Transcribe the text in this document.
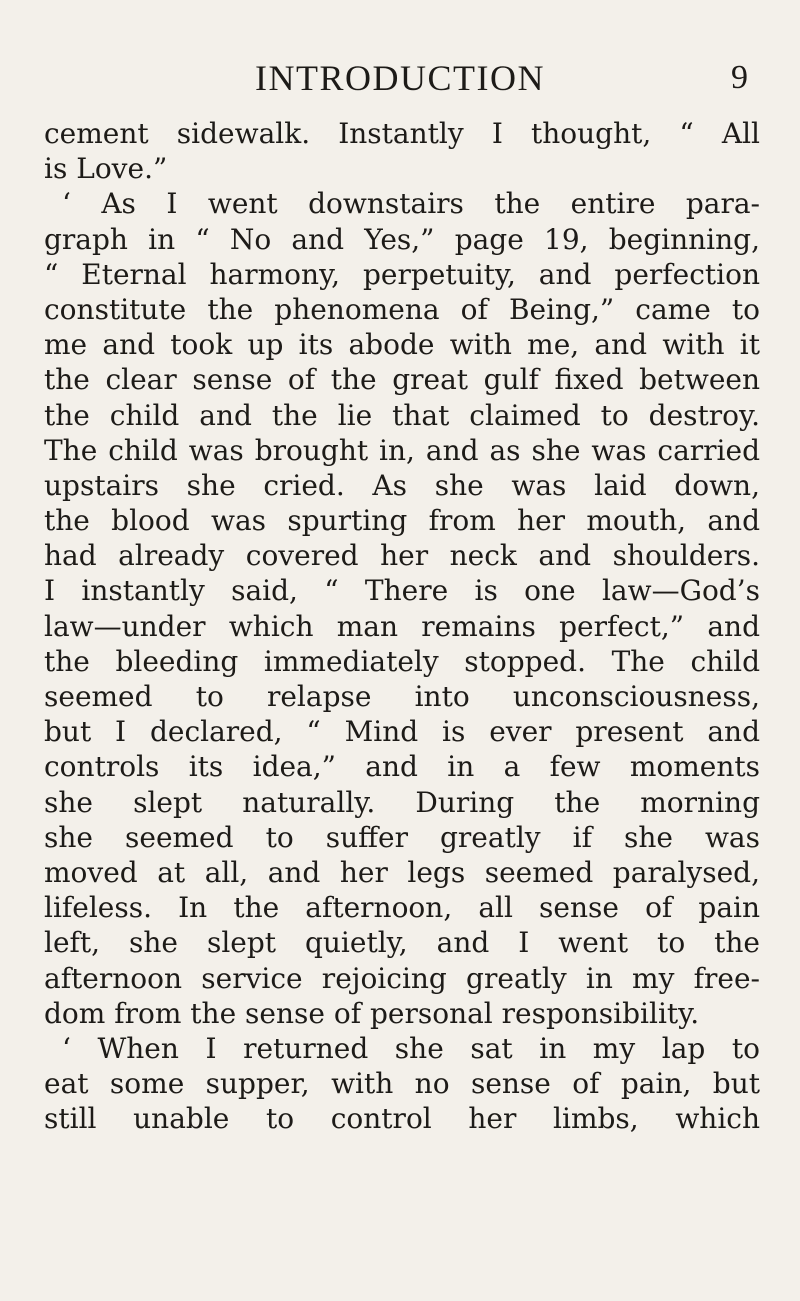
INTRODUCTION	9
cement sidewalk. Instantly I thought, “ All
is Love.”
‘ As I went downstairs the entire para-
graph in “ No and Yes,” page 19, beginning,
“ Eternal harmony, perpetuity, and perfection
constitute the phenomena of Being,” came to
me and took up its abode with me, and with it
the clear sense of the great gulf fixed between
the child and the lie that claimed to destroy.
The child was brought in, and as she was carried
upstairs she cried. As she was laid down,
the blood was spurting from her mouth, and
had already covered her neck and shoulders.
I instantly said, “ There is one law—God’s
law—under which man remains perfect,” and
the bleeding immediately stopped. The child
seemed to relapse into unconsciousness,
but I declared, “ Mind is ever present and
controls its idea,” and in a few moments
she slept naturally. During the morning
she seemed to suffer greatly if she was
moved at all, and her legs seemed paralysed,
lifeless. In the afternoon, all sense of pain
left, she slept quietly, and I went to the
afternoon service rejoicing greatly in my free-
dom from the sense of personal responsibility.
‘ When I returned she sat in my lap to
eat some supper, with no sense of pain, but
still unable to control her limbs, which
